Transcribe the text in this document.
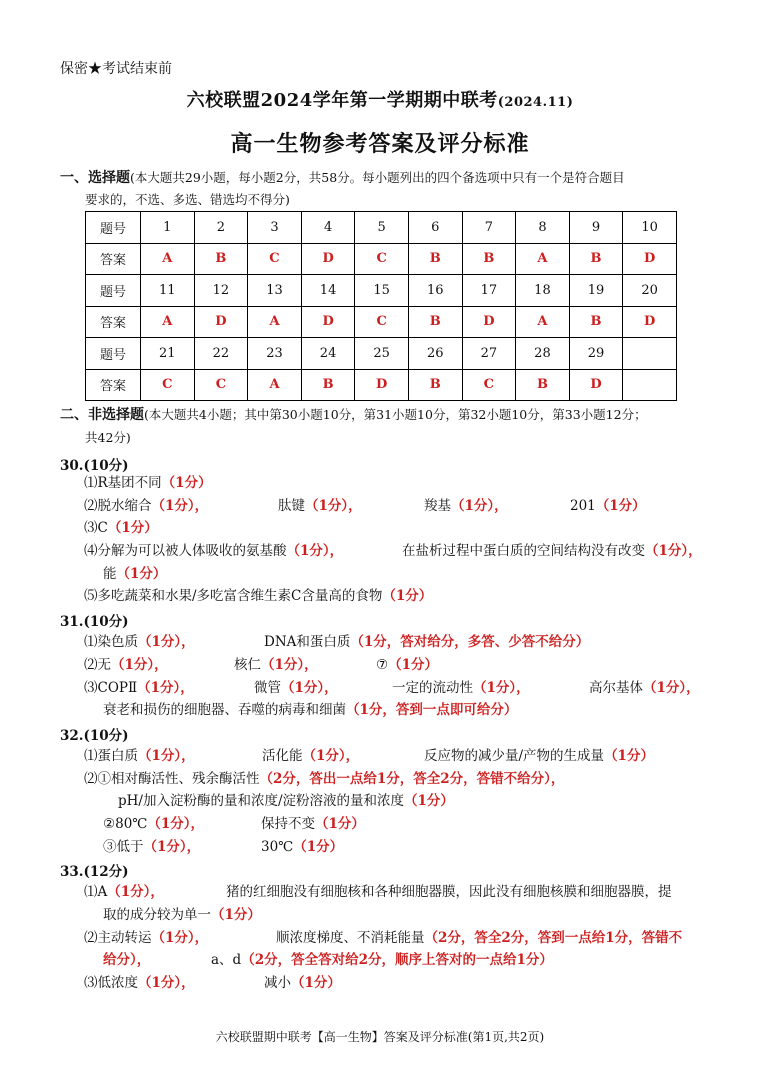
保密★考试结束前
六校联盟2024学年第一学期期中联考(2024.11)
高一生物参考答案及评分标准
一、选择题(本大题共29小题，每小题2分，共58分。每小题列出的四个备选项中只有一个是符合题目
要求的，不选、多选、错选均不得分)
题号	1	2	3	4	5	6	7	8	9	10
答案	A	B	C	D	C	B	B	A	B	D
题号	11	12	13	14	15	16	17	18	19	20
答案	A	D	A	D	C	B	D	A	B	D
题号	21	22	23	24	25	26	27	28	29	
答案	C	C	A	B	D	B	C	B	D	
二、非选择题(本大题共4小题；其中第30小题10分，第31小题10分，第32小题10分，第33小题12分；
共42分)
30.(10分)
⑴R基团不同（1分）
⑵脱水缩合（1分），	肽键（1分），	羧基（1分），	201（1分）
⑶C（1分）
⑷分解为可以被人体吸收的氨基酸（1分），	在盐析过程中蛋白质的空间结构没有改变（1分），
能（1分）
⑸多吃蔬菜和水果/多吃富含维生素C含量高的食物（1分）
31.(10分)
⑴染色质（1分），	DNA和蛋白质（1分，答对给分，多答、少答不给分）
⑵无（1分），	核仁（1分），	⑦（1分）
⑶COPⅡ（1分），	微管（1分），	一定的流动性（1分），	高尔基体（1分），
衰老和损伤的细胞器、吞噬的病毒和细菌（1分，答到一点即可给分）
32.(10分)
⑴蛋白质（1分），	活化能（1分），	反应物的减少量/产物的生成量（1分）
⑵①相对酶活性、残余酶活性（2分，答出一点给1分，答全2分，答错不给分），
pH/加入淀粉酶的量和浓度/淀粉溶液的量和浓度（1分）
②80℃（1分），	保持不变（1分）
③低于（1分），	30℃（1分）
33.(12分)
⑴A（1分），	猪的红细胞没有细胞核和各种细胞器膜，因此没有细胞核膜和细胞器膜，提
取的成分较为单一（1分）
⑵主动转运（1分），	顺浓度梯度、不消耗能量（2分，答全2分，答到一点给1分，答错不
给分），	a、d（2分，答全答对给2分，顺序上答对的一点给1分）
⑶低浓度（1分），	减小（1分）
六校联盟期中联考【高一生物】答案及评分标准(第1页,共2页)
